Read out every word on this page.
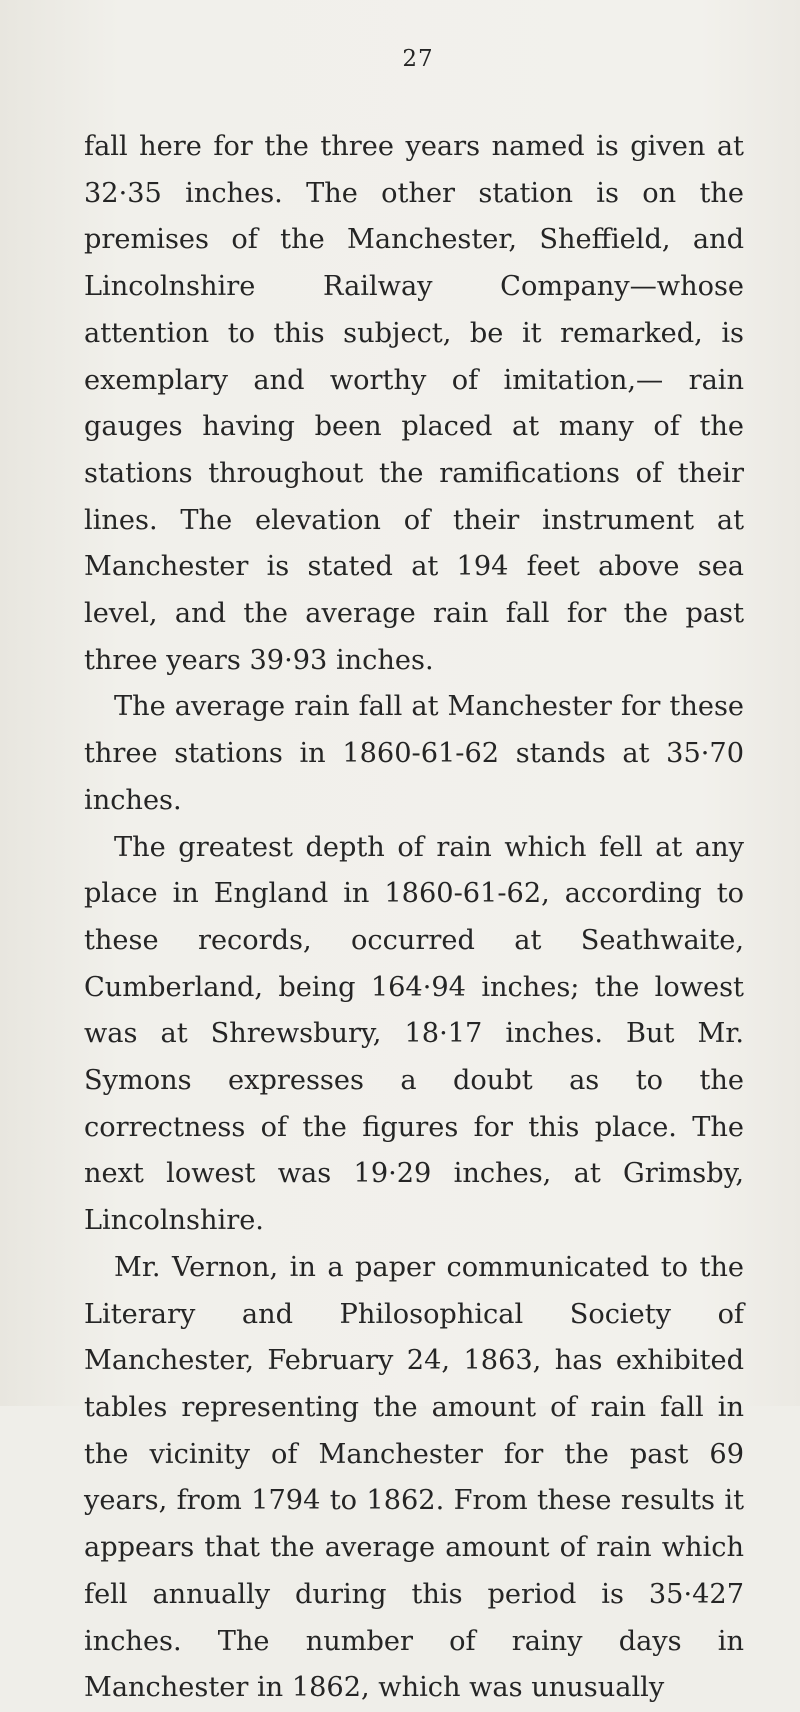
27

fall here for the three years named is given at 32·35 inches. The other station is on the premises of the Manchester, Sheffield, and Lincolnshire Railway Company—whose attention to this subject, be it remarked, is exemplary and worthy of imitation,— rain gauges having been placed at many of the stations throughout the ramifications of their lines. The elevation of their instrument at Manchester is stated at 194 feet above sea level, and the average rain fall for the past three years 39·93 inches.

The average rain fall at Manchester for these three stations in 1860-61-62 stands at 35·70 inches.

The greatest depth of rain which fell at any place in England in 1860-61-62, according to these records, occurred at Seathwaite, Cumberland, being 164·94 inches; the lowest was at Shrewsbury, 18·17 inches. But Mr. Symons expresses a doubt as to the correctness of the figures for this place. The next lowest was 19·29 inches, at Grimsby, Lincolnshire.

Mr. Vernon, in a paper communicated to the Literary and Philosophical Society of Manchester, February 24, 1863, has exhibited tables representing the amount of rain fall in the vicinity of Manchester for the past 69 years, from 1794 to 1862. From these results it appears that the average amount of rain which fell annually during this period is 35·427 inches. The number of rainy days in Manchester in 1862, which was unusually
